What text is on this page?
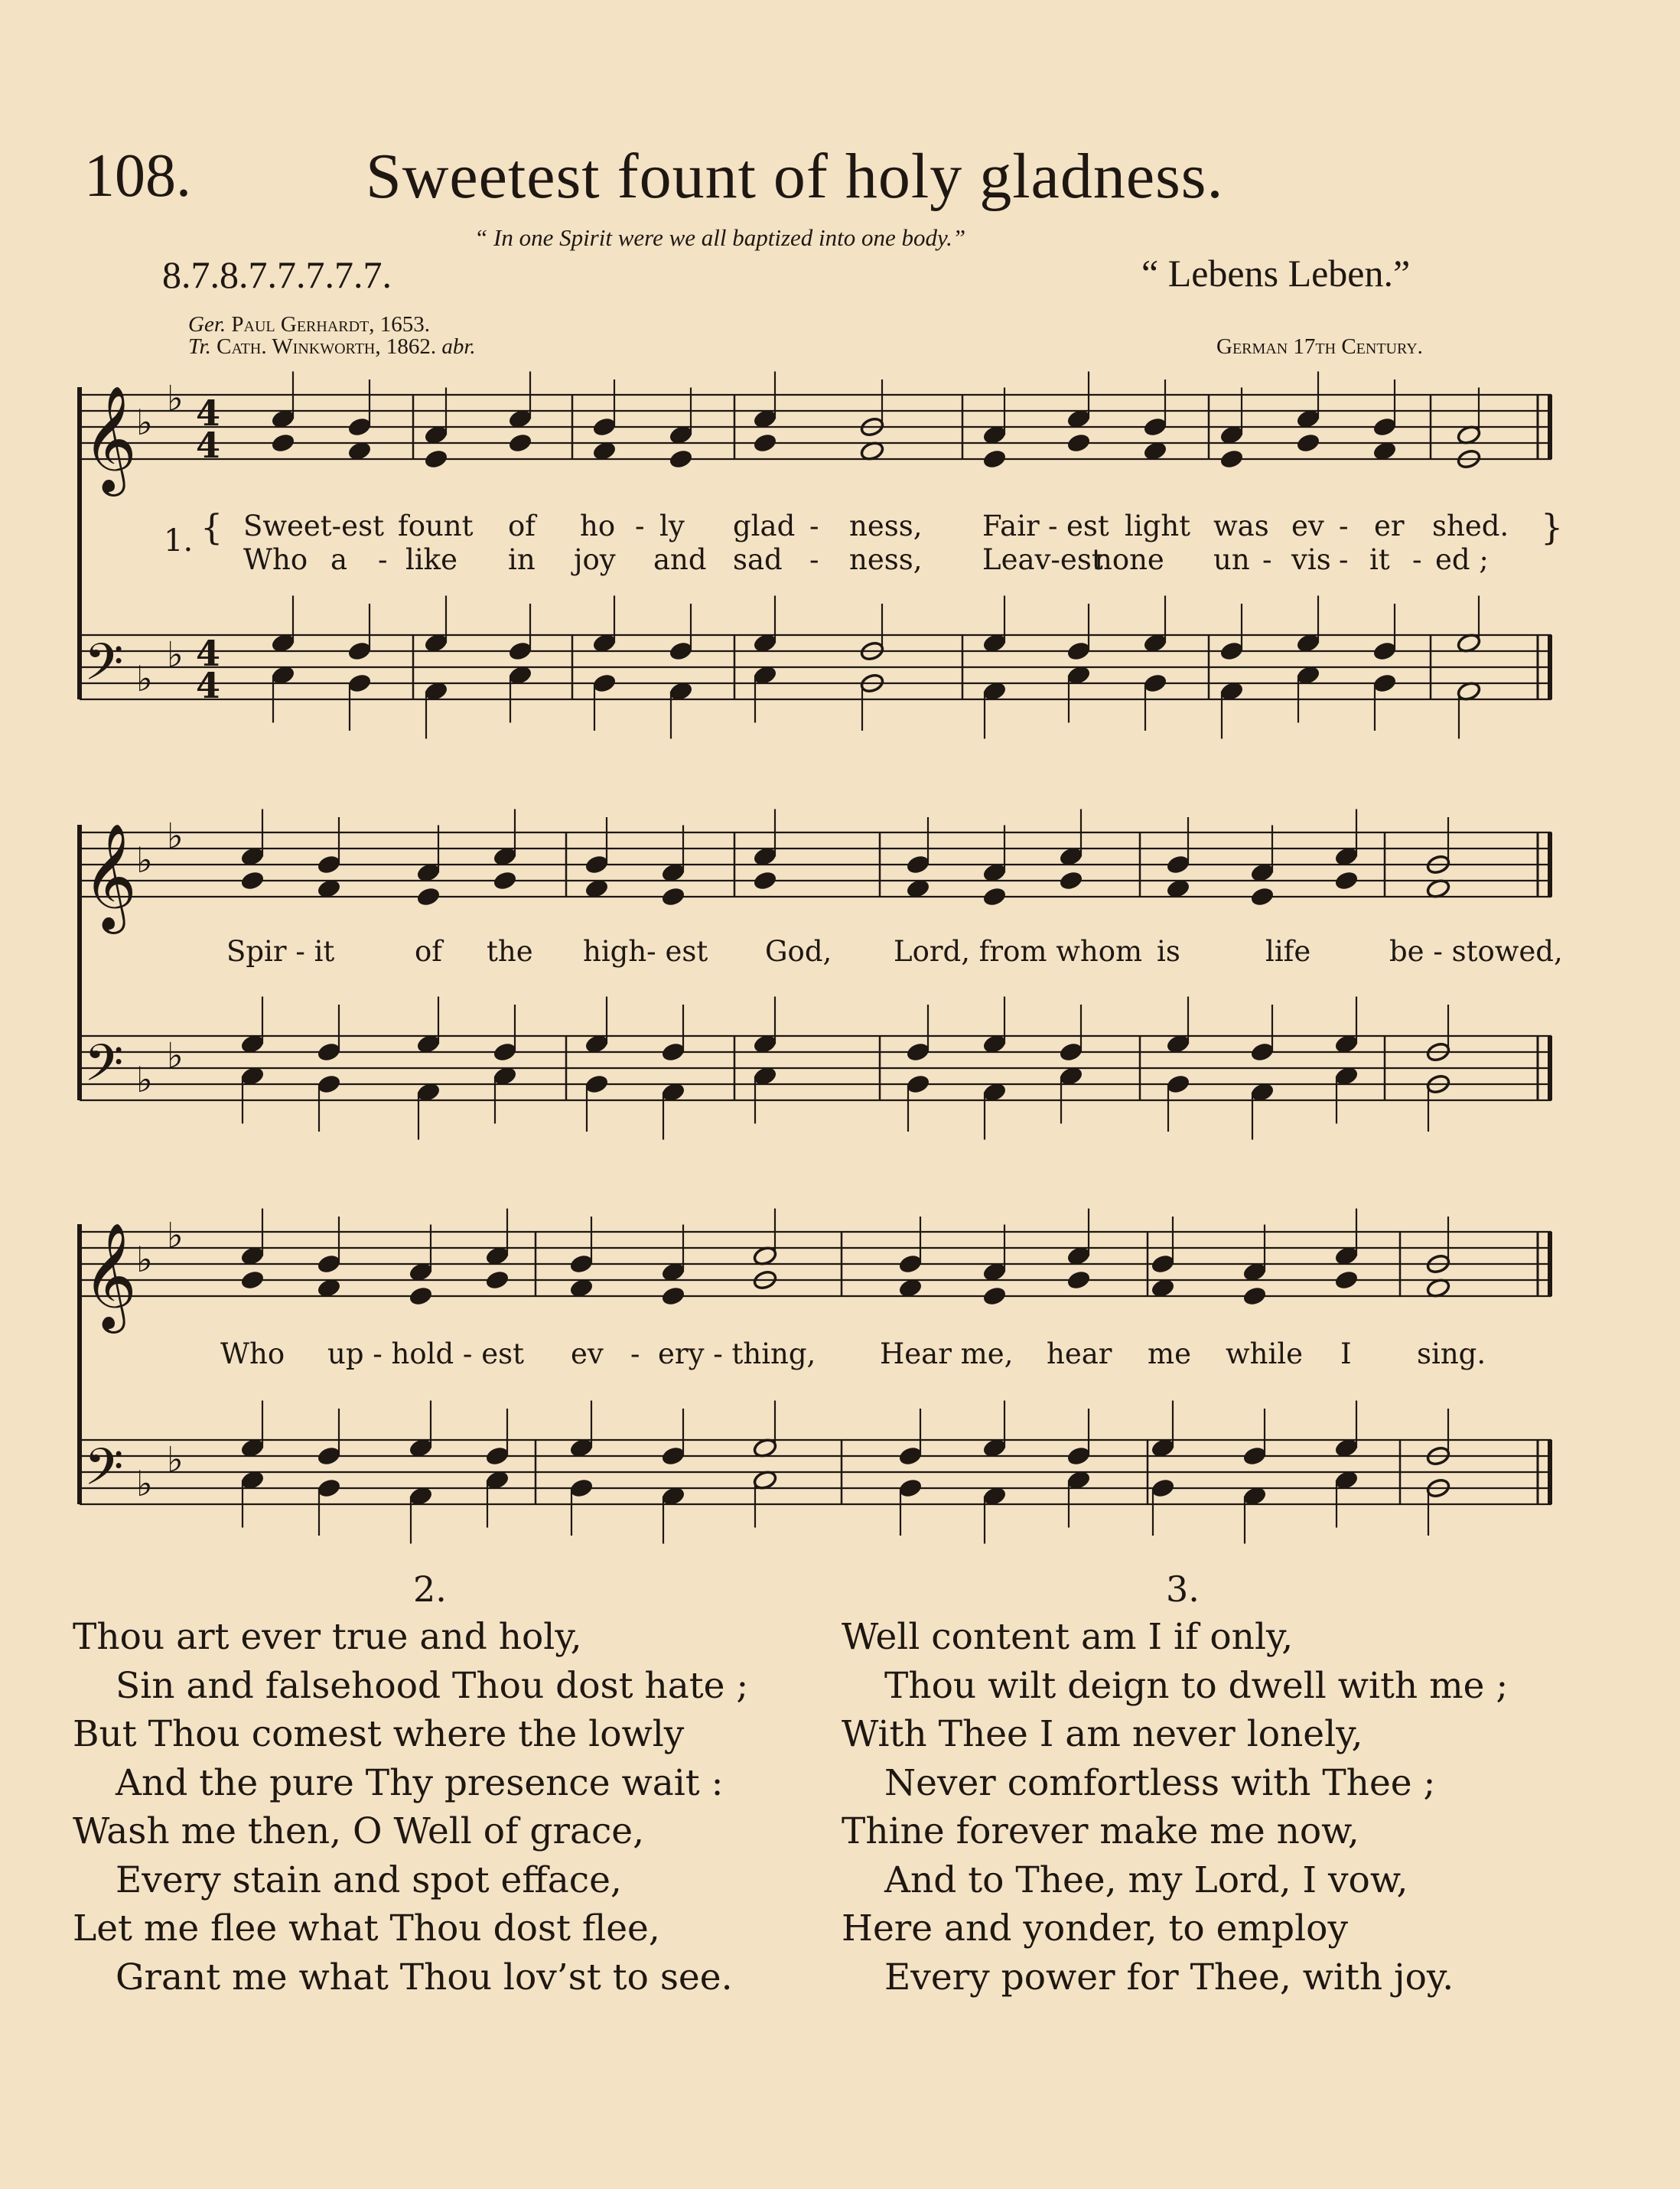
108.	Sweetest fount of holy gladness.
“ In one Spirit were we all baptized into one body.”
8.7.8.7.7.7.7.7.	“ Lebens Leben.”
Ger. Paul Gerhardt, 1653.
Tr. Cath. Winkworth, 1862. abr.	German 17th Century.
𝄞
𝄢
♭
♭
♭
♭
4
4
4
4
𝄞
𝄢
♭
♭
♭
♭
𝄞
𝄢
♭
♭
♭
♭
1. {	}
Sweet-est fount of ho - ly glad - ness, Fair - est light was ev - er shed.
Who a - like in joy and sad - ness, Leav-est
none un - vis - it - ed ;
Spir - it	of the high- est God, Lord, from whom is	life	be - stowed,
Who up - hold - est ev - ery - thing, Hear me, hear me while I sing.
2.	3.
Thou art ever true and holy,
Sin and falsehood Thou dost hate ;
But Thou comest where the lowly
And the pure Thy presence wait :
Wash me then, O Well of grace,
Every stain and spot efface,
Let me flee what Thou dost flee,
Grant me what Thou lov’st to see.
Well content am I if only,
Thou wilt deign to dwell with me ;
With Thee I am never lonely,
Never comfortless with Thee ;
Thine forever make me now,
And to Thee, my Lord, I vow,
Here and yonder, to employ
Every power for Thee, with joy.
